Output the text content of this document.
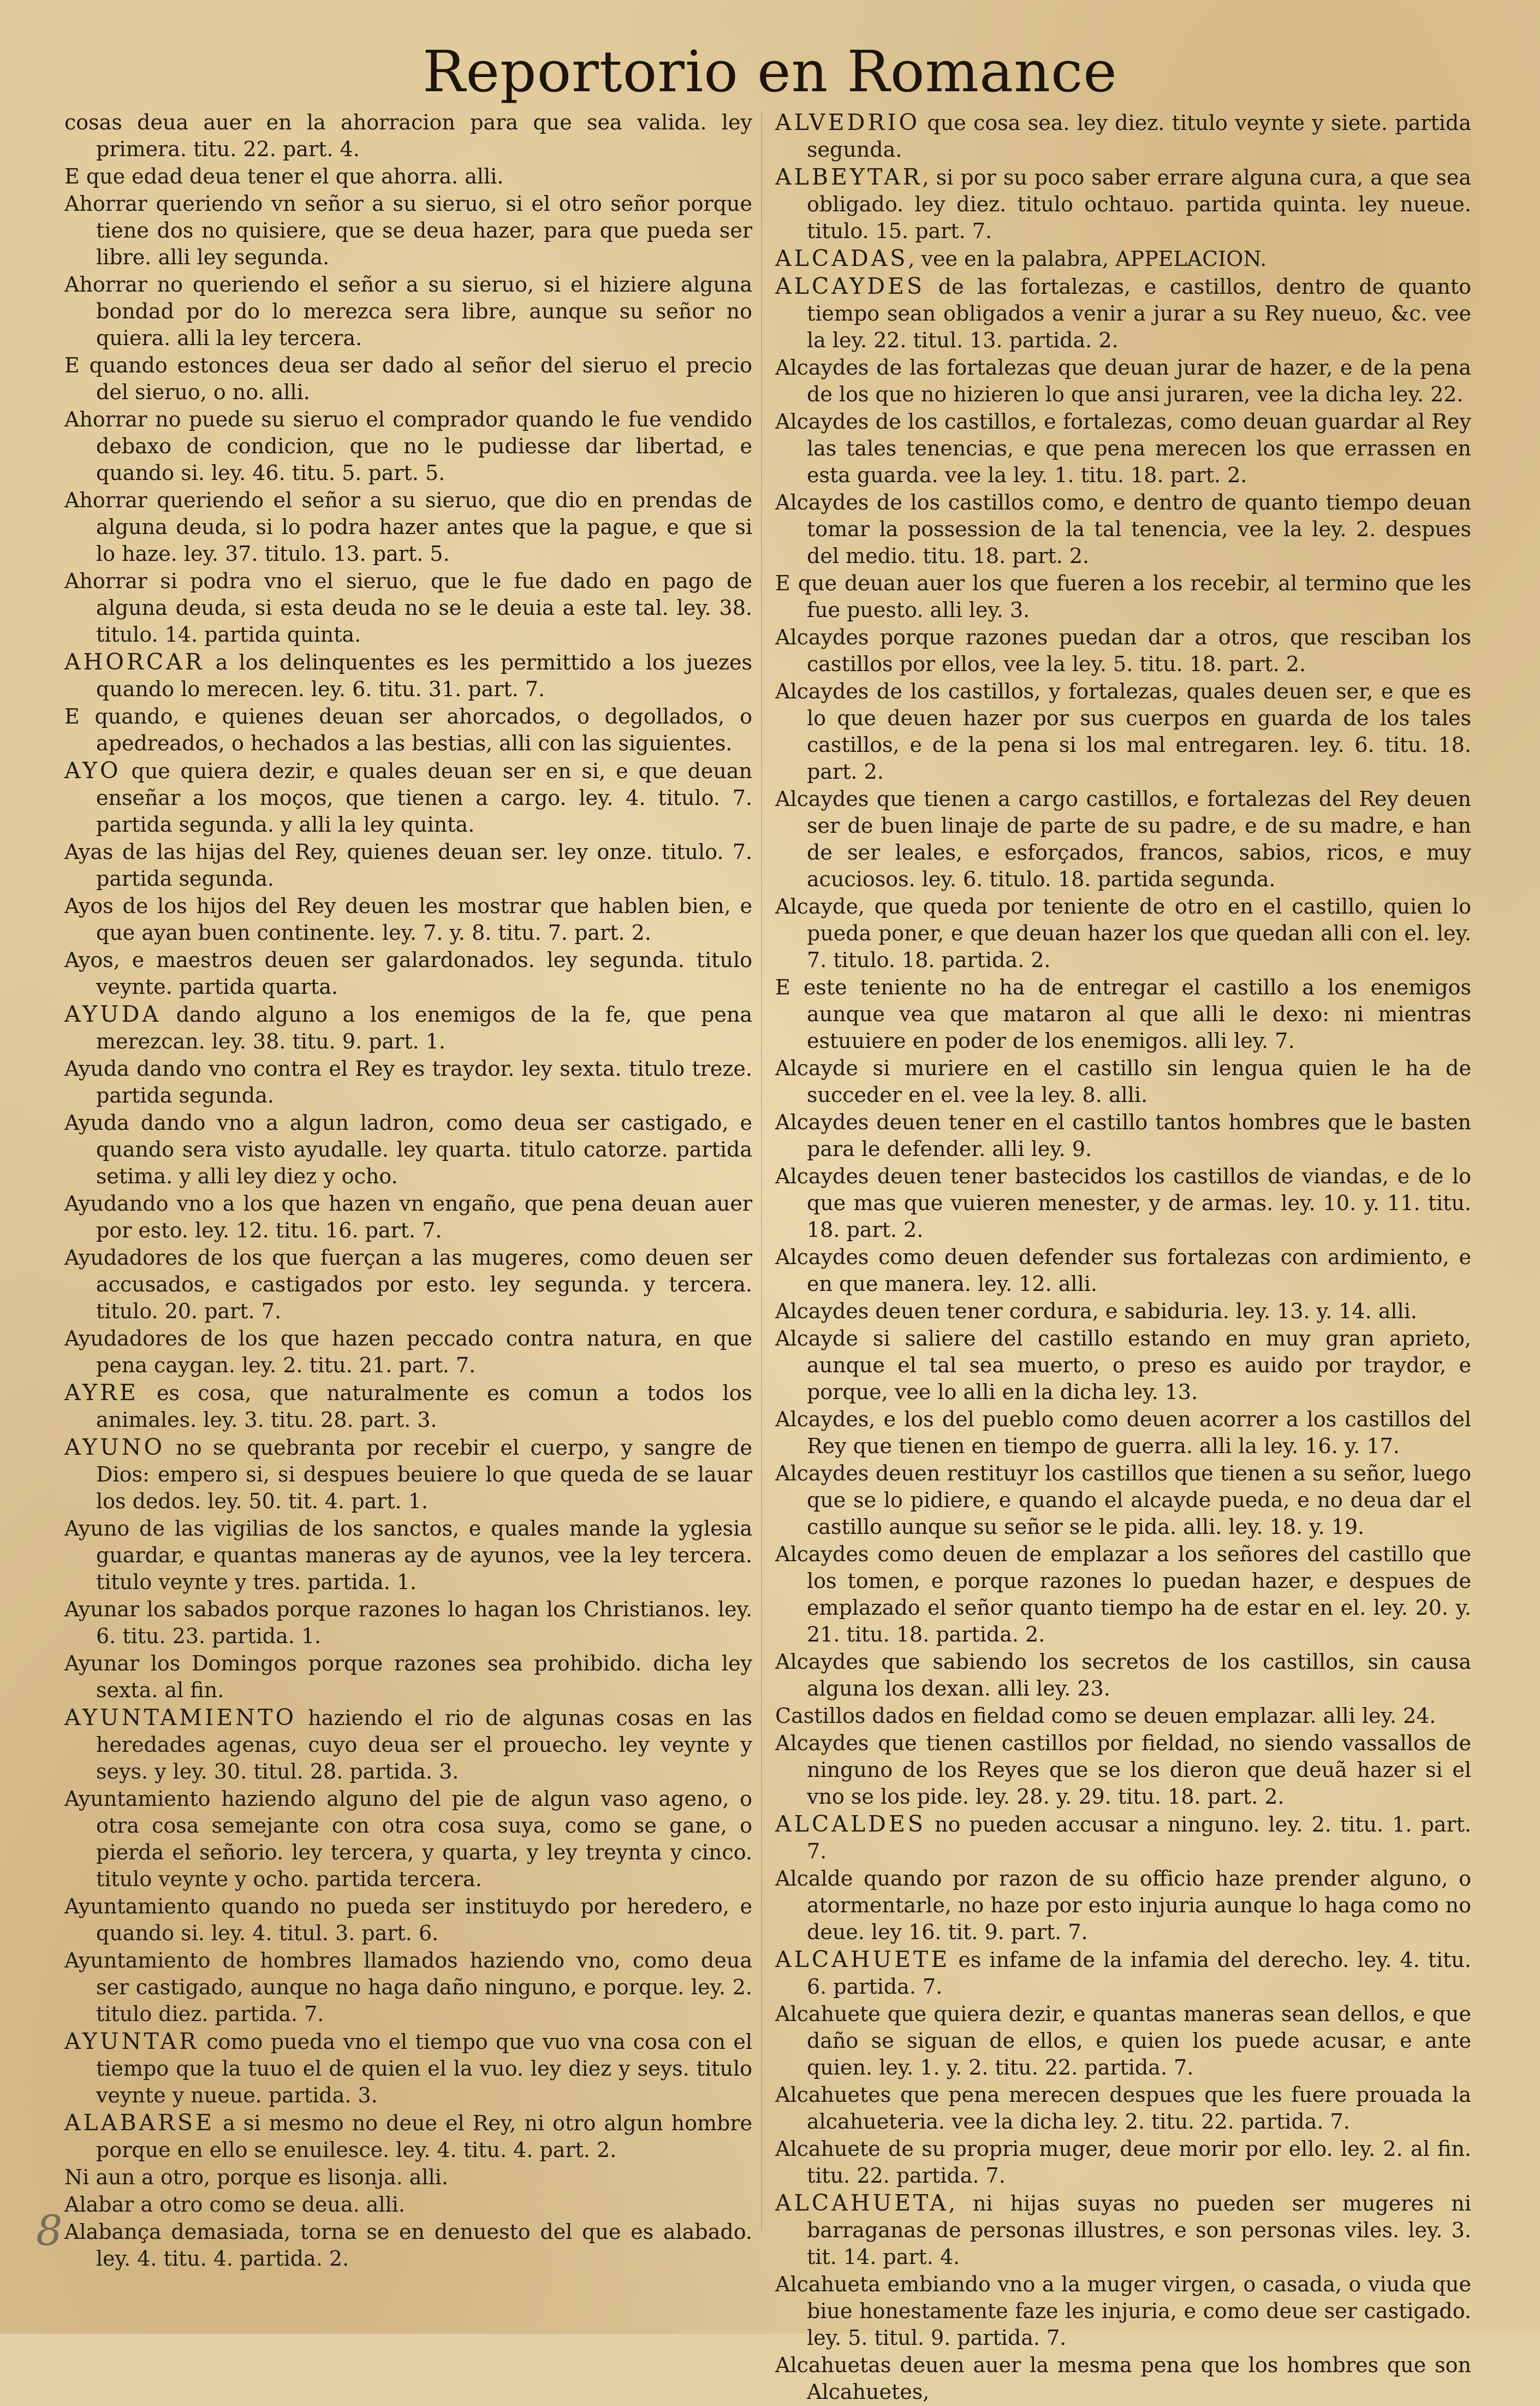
Reportorio en Romance

cosas deua auer en la ahorracion para que sea valida. ley primera. titu. 22. part. 4.

E que edad deua tener el que ahorra. alli.

Ahorrar queriendo vn señor a su sieruo, si el otro señor porque tiene dos no quisiere, que se deua hazer, para que pueda ser libre. alli ley segunda.

Ahorrar no queriendo el señor a su sieruo, si el hiziere alguna bondad por do lo merezca sera libre, aunque su señor no quiera. alli la ley tercera.

E quando estonces deua ser dado al señor del sieruo el precio del sieruo, o no. alli.

Ahorrar no puede su sieruo el comprador quando le fue vendido debaxo de condicion, que no le pudiesse dar libertad, e quando si. ley. 46. titu. 5. part. 5.

Ahorrar queriendo el señor a su sieruo, que dio en prendas de alguna deuda, si lo podra hazer antes que la pague, e que si lo haze. ley. 37. titulo. 13. part. 5.

Ahorrar si podra vno el sieruo, que le fue dado en pago de alguna deuda, si esta deuda no se le deuia a este tal. ley. 38. titulo. 14. partida quinta.

AHORCAR a los delinquentes es les permittido a los juezes quando lo merecen. ley. 6. titu. 31. part. 7.

E quando, e quienes deuan ser ahorcados, o degollados, o apedreados, o hechados a las bestias, alli con las siguientes.

AYO que quiera dezir, e quales deuan ser en si, e que deuan enseñar a los moços, que tienen a cargo. ley. 4. titulo. 7. partida segunda. y alli la ley quinta.

Ayas de las hijas del Rey, quienes deuan ser. ley onze. titulo. 7. partida segunda.

Ayos de los hijos del Rey deuen les mostrar que hablen bien, e que ayan buen continente. ley. 7. y. 8. titu. 7. part. 2.

Ayos, e maestros deuen ser galardonados. ley segunda. titulo veynte. partida quarta.

AYUDA dando alguno a los enemigos de la fe, que pena merezcan. ley. 38. titu. 9. part. 1.

Ayuda dando vno contra el Rey es traydor. ley sexta. titulo treze. partida segunda.

Ayuda dando vno a algun ladron, como deua ser castigado, e quando sera visto ayudalle. ley quarta. titulo catorze. partida setima. y alli ley diez y ocho.

Ayudando vno a los que hazen vn engaño, que pena deuan auer por esto. ley. 12. titu. 16. part. 7.

Ayudadores de los que fuerçan a las mugeres, como deuen ser accusados, e castigados por esto. ley segunda. y tercera. titulo. 20. part. 7.

Ayudadores de los que hazen peccado contra natura, en que pena caygan. ley. 2. titu. 21. part. 7.

AYRE es cosa, que naturalmente es comun a todos los animales. ley. 3. titu. 28. part. 3.

AYUNO no se quebranta por recebir el cuerpo, y sangre de Dios: empero si, si despues beuiere lo que queda de se lauar los dedos. ley. 50. tit. 4. part. 1.

Ayuno de las vigilias de los sanctos, e quales mande la yglesia guardar, e quantas maneras ay de ayunos, vee la ley tercera. titulo veynte y tres. partida. 1.

Ayunar los sabados porque razones lo hagan los Christianos. ley. 6. titu. 23. partida. 1.

Ayunar los Domingos porque razones sea prohibido. dicha ley sexta. al fin.

AYUNTAMIENTO haziendo el rio de algunas cosas en las heredades agenas, cuyo deua ser el prouecho. ley veynte y seys. y ley. 30. titul. 28. partida. 3.

Ayuntamiento haziendo alguno del pie de algun vaso ageno, o otra cosa semejante con otra cosa suya, como se gane, o pierda el señorio. ley tercera, y quarta, y ley treynta y cinco. titulo veynte y ocho. partida tercera.

Ayuntamiento quando no pueda ser instituydo por heredero, e quando si. ley. 4. titul. 3. part. 6.

Ayuntamiento de hombres llamados haziendo vno, como deua ser castigado, aunque no haga daño ninguno, e porque. ley. 2. titulo diez. partida. 7.

AYUNTAR como pueda vno el tiempo que vuo vna cosa con el tiempo que la tuuo el de quien el la vuo. ley diez y seys. titulo veynte y nueue. partida. 3.

ALABARSE a si mesmo no deue el Rey, ni otro algun hombre porque en ello se enuilesce. ley. 4. titu. 4. part. 2.

Ni aun a otro, porque es lisonja. alli.

Alabar a otro como se deua. alli.

Alabança demasiada, torna se en denuesto del que es alabado. ley. 4. titu. 4. partida. 2.

ALVEDRIO que cosa sea. ley diez. titulo veynte y siete. partida segunda.

ALBEYTAR, si por su poco saber errare alguna cura, a que sea obligado. ley diez. titulo ochtauo. partida quinta. ley nueue. titulo. 15. part. 7.

ALCADAS, vee en la palabra, APPELACION.

ALCAYDES de las fortalezas, e castillos, dentro de quanto tiempo sean obligados a venir a jurar a su Rey nueuo, &c. vee la ley. 22. titul. 13. partida. 2.

Alcaydes de las fortalezas que deuan jurar de hazer, e de la pena de los que no hizieren lo que ansi juraren, vee la dicha ley. 22.

Alcaydes de los castillos, e fortalezas, como deuan guardar al Rey las tales tenencias, e que pena merecen los que errassen en esta guarda. vee la ley. 1. titu. 18. part. 2.

Alcaydes de los castillos como, e dentro de quanto tiempo deuan tomar la possession de la tal tenencia, vee la ley. 2. despues del medio. titu. 18. part. 2.

E que deuan auer los que fueren a los recebir, al termino que les fue puesto. alli ley. 3.

Alcaydes porque razones puedan dar a otros, que resciban los castillos por ellos, vee la ley. 5. titu. 18. part. 2.

Alcaydes de los castillos, y fortalezas, quales deuen ser, e que es lo que deuen hazer por sus cuerpos en guarda de los tales castillos, e de la pena si los mal entregaren. ley. 6. titu. 18. part. 2.

Alcaydes que tienen a cargo castillos, e fortalezas del Rey deuen ser de buen linaje de parte de su padre, e de su madre, e han de ser leales, e esforçados, francos, sabios, ricos, e muy acuciosos. ley. 6. titulo. 18. partida segunda.

Alcayde, que queda por teniente de otro en el castillo, quien lo pueda poner, e que deuan hazer los que quedan alli con el. ley. 7. titulo. 18. partida. 2.

E este teniente no ha de entregar el castillo a los enemigos aunque vea que mataron al que alli le dexo: ni mientras estuuiere en poder de los enemigos. alli ley. 7.

Alcayde si muriere en el castillo sin lengua quien le ha de succeder en el. vee la ley. 8. alli.

Alcaydes deuen tener en el castillo tantos hombres que le basten para le defender. alli ley. 9.

Alcaydes deuen tener bastecidos los castillos de viandas, e de lo que mas que vuieren menester, y de armas. ley. 10. y. 11. titu. 18. part. 2.

Alcaydes como deuen defender sus fortalezas con ardimiento, e en que manera. ley. 12. alli.

Alcaydes deuen tener cordura, e sabiduria. ley. 13. y. 14. alli.

Alcayde si saliere del castillo estando en muy gran aprieto, aunque el tal sea muerto, o preso es auido por traydor, e porque, vee lo alli en la dicha ley. 13.

Alcaydes, e los del pueblo como deuen acorrer a los castillos del Rey que tienen en tiempo de guerra. alli la ley. 16. y. 17.

Alcaydes deuen restituyr los castillos que tienen a su señor, luego que se lo pidiere, e quando el alcayde pueda, e no deua dar el castillo aunque su señor se le pida. alli. ley. 18. y. 19.

Alcaydes como deuen de emplazar a los señores del castillo que los tomen, e porque razones lo puedan hazer, e despues de emplazado el señor quanto tiempo ha de estar en el. ley. 20. y. 21. titu. 18. partida. 2.

Alcaydes que sabiendo los secretos de los castillos, sin causa alguna los dexan. alli ley. 23.

Castillos dados en fieldad como se deuen emplazar. alli ley. 24.

Alcaydes que tienen castillos por fieldad, no siendo vassallos de ninguno de los Reyes que se los dieron que deuã hazer si el vno se los pide. ley. 28. y. 29. titu. 18. part. 2.

ALCALDES no pueden accusar a ninguno. ley. 2. titu. 1. part. 7.

Alcalde quando por razon de su officio haze prender alguno, o atormentarle, no haze por esto injuria aunque lo haga como no deue. ley 16. tit. 9. part. 7.

ALCAHUETE es infame de la infamia del derecho. ley. 4. titu. 6. partida. 7.

Alcahuete que quiera dezir, e quantas maneras sean dellos, e que daño se siguan de ellos, e quien los puede acusar, e ante quien. ley. 1. y. 2. titu. 22. partida. 7.

Alcahuetes que pena merecen despues que les fuere prouada la alcahueteria. vee la dicha ley. 2. titu. 22. partida. 7.

Alcahuete de su propria muger, deue morir por ello. ley. 2. al fin. titu. 22. partida. 7.

ALCAHUETA, ni hijas suyas no pueden ser mugeres ni barraganas de personas illustres, e son personas viles. ley. 3. tit. 14. part. 4.

Alcahueta embiando vno a la muger virgen, o casada, o viuda que biue honestamente faze les injuria, e como deue ser castigado. ley. 5. titul. 9. partida. 7.

Alcahuetas deuen auer la mesma pena que los hombres que son Alcahuetes,

8
